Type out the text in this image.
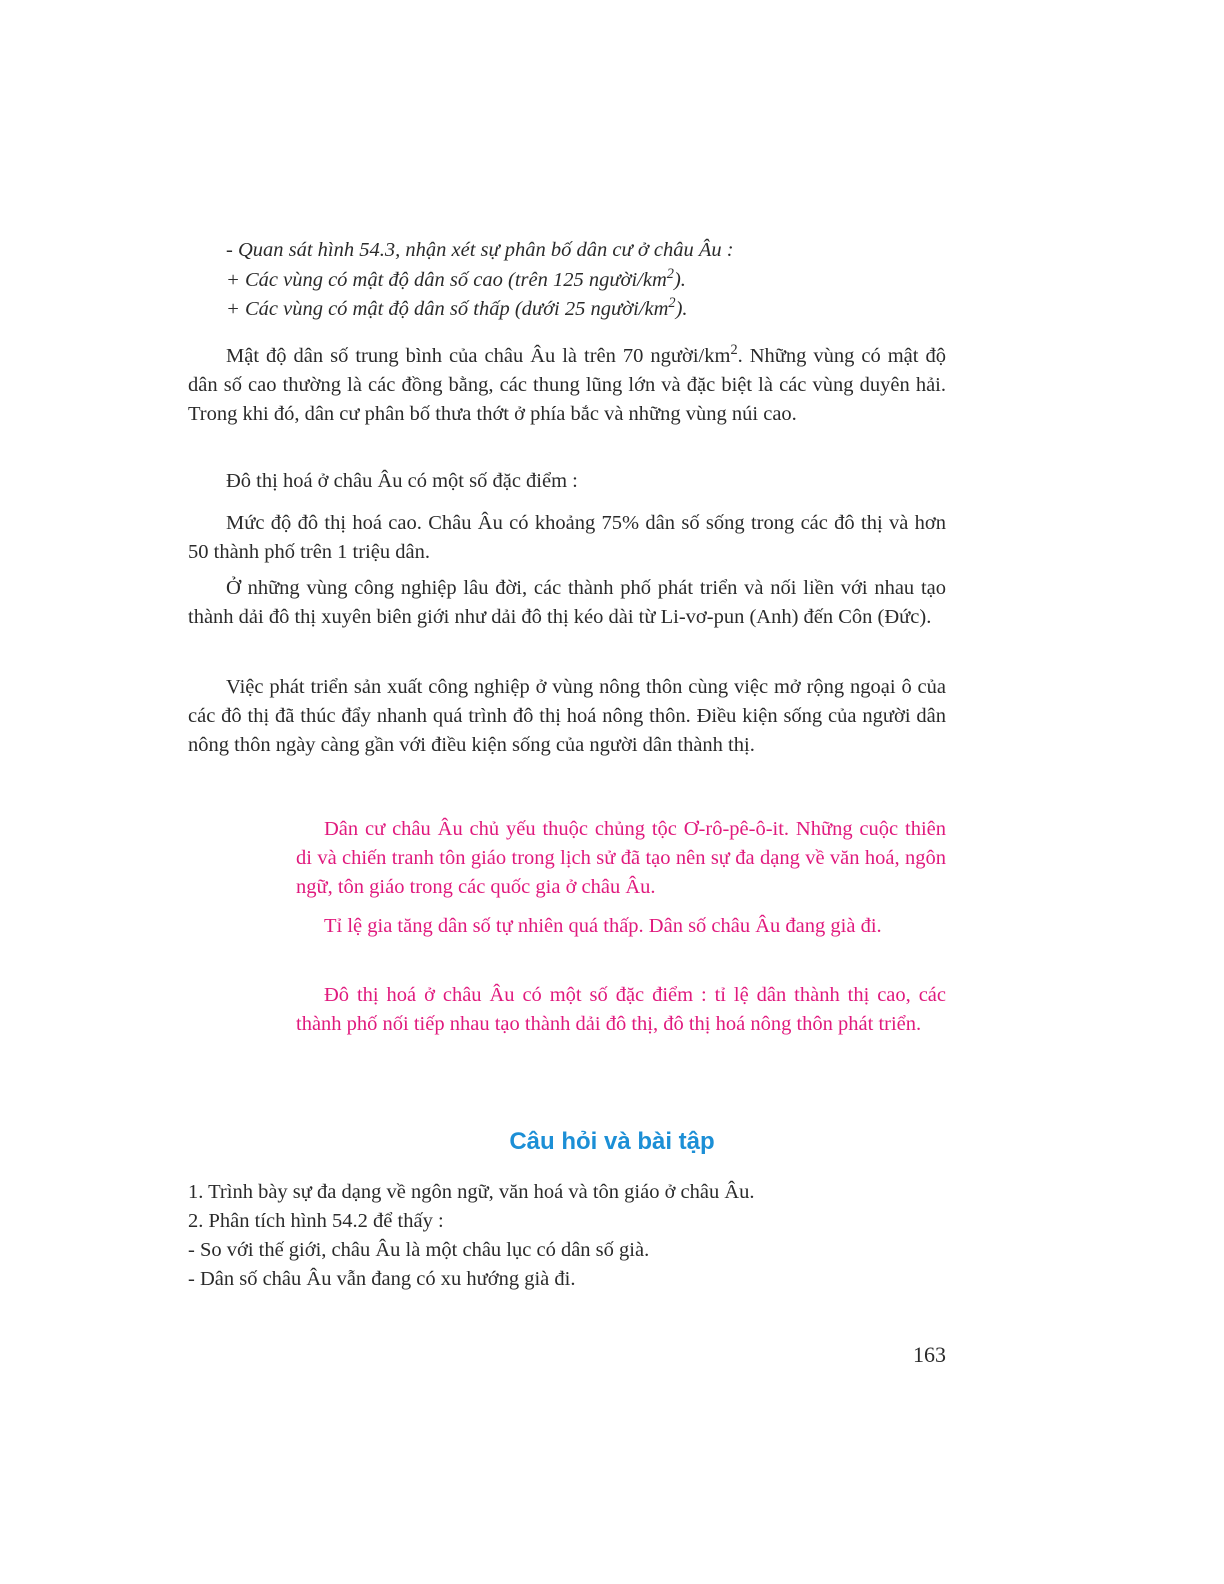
- Quan sát hình 54.3, nhận xét sự phân bố dân cư ở châu Âu :

+ Các vùng có mật độ dân số cao (trên 125 người/$km^2$).

+ Các vùng có mật độ dân số thấp (dưới 25 người/$km^2$).

Mật độ dân số trung bình của châu Âu là trên 70 người/$km^2$. Những vùng có mật độ dân số cao thường là các đồng bằng, các thung lũng lớn và đặc biệt là các vùng duyên hải. Trong khi đó, dân cư phân bố thưa thớt ở phía bắc và những vùng núi cao.

Đô thị hoá ở châu Âu có một số đặc điểm :

Mức độ đô thị hoá cao. Châu Âu có khoảng 75% dân số sống trong các đô thị và hơn 50 thành phố trên 1 triệu dân.

Ở những vùng công nghiệp lâu đời, các thành phố phát triển và nối liền với nhau tạo thành dải đô thị xuyên biên giới như dải đô thị kéo dài từ Li-vơ-pun (Anh) đến Côn (Đức).

Việc phát triển sản xuất công nghiệp ở vùng nông thôn cùng việc mở rộng ngoại ô của các đô thị đã thúc đẩy nhanh quá trình đô thị hoá nông thôn. Điều kiện sống của người dân nông thôn ngày càng gần với điều kiện sống của người dân thành thị.

Dân cư châu Âu chủ yếu thuộc chủng tộc Ơ-rô-pê-ô-it. Những cuộc thiên di và chiến tranh tôn giáo trong lịch sử đã tạo nên sự đa dạng về văn hoá, ngôn ngữ, tôn giáo trong các quốc gia ở châu Âu.

Tỉ lệ gia tăng dân số tự nhiên quá thấp. Dân số châu Âu đang già đi.

Đô thị hoá ở châu Âu có một số đặc điểm : tỉ lệ dân thành thị cao, các thành phố nối tiếp nhau tạo thành dải đô thị, đô thị hoá nông thôn phát triển.

Câu hỏi và bài tập

1. Trình bày sự đa dạng về ngôn ngữ, văn hoá và tôn giáo ở châu Âu.

2. Phân tích hình 54.2 để thấy :

- So với thế giới, châu Âu là một châu lục có dân số già.

- Dân số châu Âu vẫn đang có xu hướng già đi.

163
